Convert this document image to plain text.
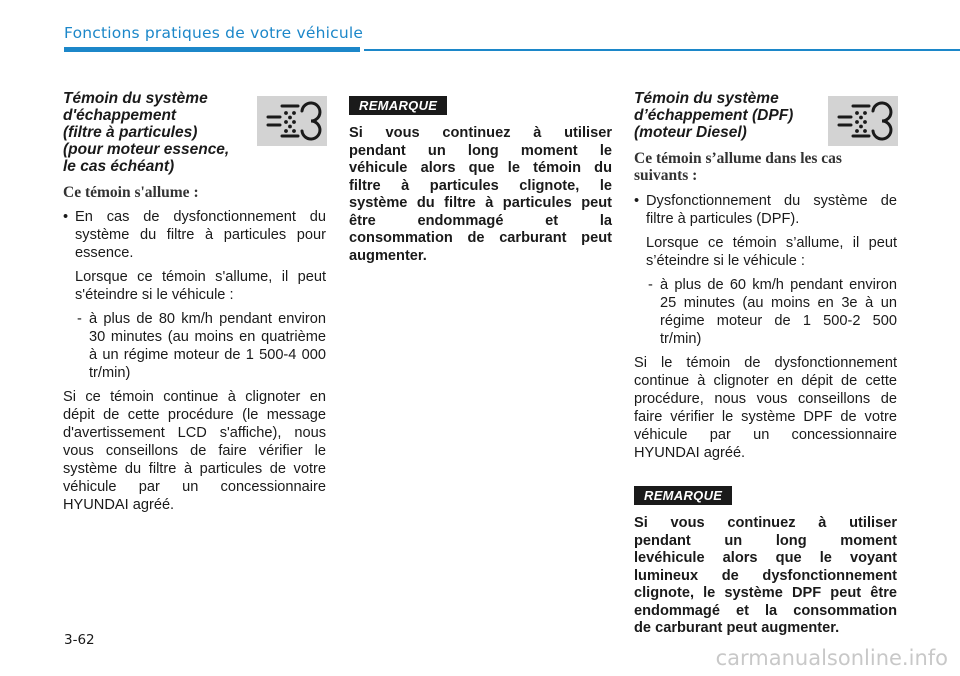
Fonctions pratiques de votre véhicule
Témoin du système
d'échappement
(filtre à particules)
(pour moteur essence,
le cas échéant)
Ce témoin s'allume :

• En cas de dysfonctionnement du système du filtre à particules pour essence.

Lorsque ce témoin s'allume, il peut s'éteindre si le véhicule :

- à plus de 80 km/h pendant environ 30 minutes (au moins en quatrième à un régime moteur de 1 500-4 000 tr/min)

Si ce témoin continue à clignoter en dépit de cette procédure (le message d'avertissement LCD s'affiche), nous vous conseillons de faire vérifier le système du filtre à particules de votre véhicule par un concessionnaire HYUNDAI agréé.

REMARQUE
Si vous continuez à utiliser
pendant un long moment le
véhicule alors que le témoin du
filtre à particules clignote, le
système du filtre à particules peut
être endommagé et la
consommation de carburant peut
augmenter.
Témoin du système
d’échappement (DPF)
(moteur Diesel)
Ce témoin s’allume dans les cas
suivants :

• Dysfonctionnement du système de filtre à particules (DPF).

Lorsque ce témoin s’allume, il peut s’éteindre si le véhicule :

- à plus de 60 km/h pendant environ 25 minutes (au moins en 3e à un régime moteur de 1 500-2 500 tr/min)

Si le témoin de dysfonctionnement continue à clignoter en dépit de cette procédure, nous vous conseillons de faire vérifier le système DPF de votre véhicule par un concessionnaire HYUNDAI agréé.

REMARQUE
Si vous continuez à utiliser
pendant un long moment
levéhicule alors que le voyant
lumineux de dysfonctionnement
clignote, le système DPF peut être
endommagé et la consommation
de carburant peut augmenter.
3-62
carmanualsonline.info
